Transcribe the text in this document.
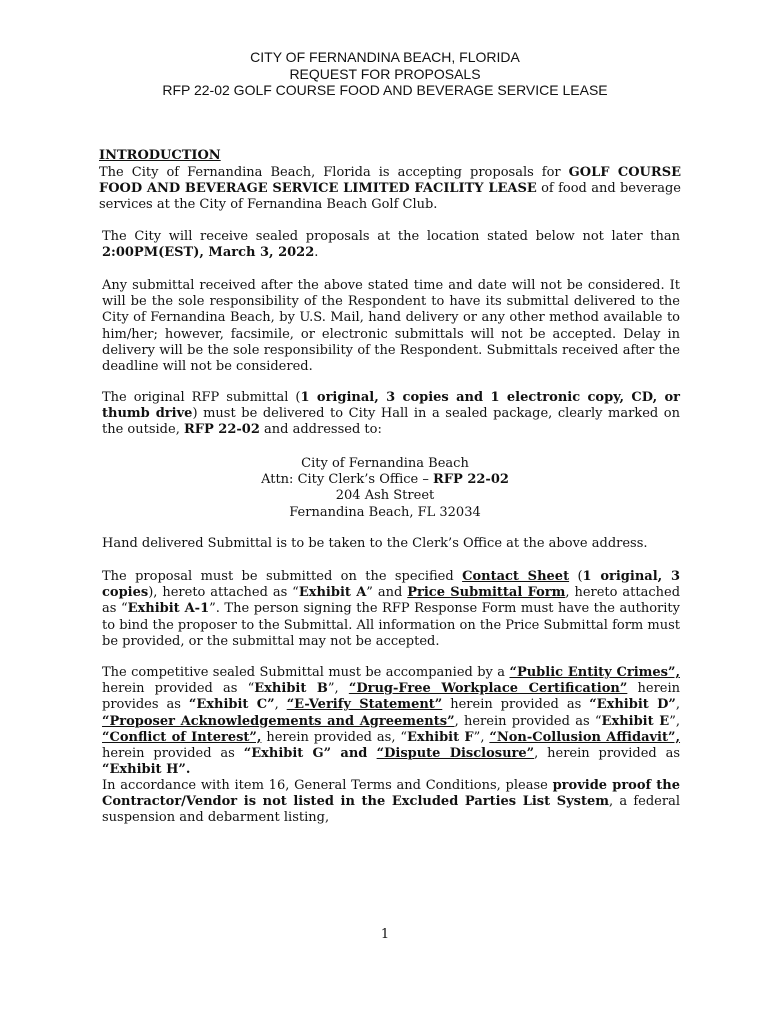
CITY OF FERNANDINA BEACH, FLORIDA
REQUEST FOR PROPOSALS
RFP 22-02 GOLF COURSE FOOD AND BEVERAGE SERVICE LEASE
INTRODUCTION
The City of Fernandina Beach, Florida is accepting proposals for GOLF COURSE FOOD AND BEVERAGE SERVICE LIMITED FACILITY LEASE of food and beverage services at the City of Fernandina Beach Golf Club.
The City will receive sealed proposals at the location stated below not later than 2:00PM(EST), March 3, 2022.
Any submittal received after the above stated time and date will not be considered. It will be the sole responsibility of the Respondent to have its submittal delivered to the City of Fernandina Beach, by U.S. Mail, hand delivery or any other method available to him/her; however, facsimile, or electronic submittals will not be accepted. Delay in delivery will be the sole responsibility of the Respondent. Submittals received after the deadline will not be considered.
The original RFP submittal (1 original, 3 copies and 1 electronic copy, CD, or thumb drive) must be delivered to City Hall in a sealed package, clearly marked on the outside, RFP 22-02 and addressed to:
City of Fernandina Beach
Attn: City Clerk’s Office – RFP 22-02
204 Ash Street
Fernandina Beach, FL 32034
Hand delivered Submittal is to be taken to the Clerk’s Office at the above address.
The proposal must be submitted on the specified Contact Sheet (1 original, 3 copies), hereto attached as “Exhibit A” and Price Submittal Form, hereto attached as “Exhibit A-1”. The person signing the RFP Response Form must have the authority to bind the proposer to the Submittal. All information on the Price Submittal form must be provided, or the submittal may not be accepted.
The competitive sealed Submittal must be accompanied by a “Public Entity Crimes”, herein provided as “Exhibit B”, “Drug-Free Workplace Certification” herein provides as “Exhibit C”, “E-Verify Statement” herein provided as “Exhibit D”, “Proposer Acknowledgements and Agreements”, herein provided as “Exhibit E”, “Conflict of Interest”, herein provided as, “Exhibit F”, “Non-Collusion Affidavit”, herein provided as “Exhibit G” and “Dispute Disclosure”, herein provided as “Exhibit H”.
In accordance with item 16, General Terms and Conditions, please provide proof the Contractor/Vendor is not listed in the Excluded Parties List System, a federal suspension and debarment listing,
1
